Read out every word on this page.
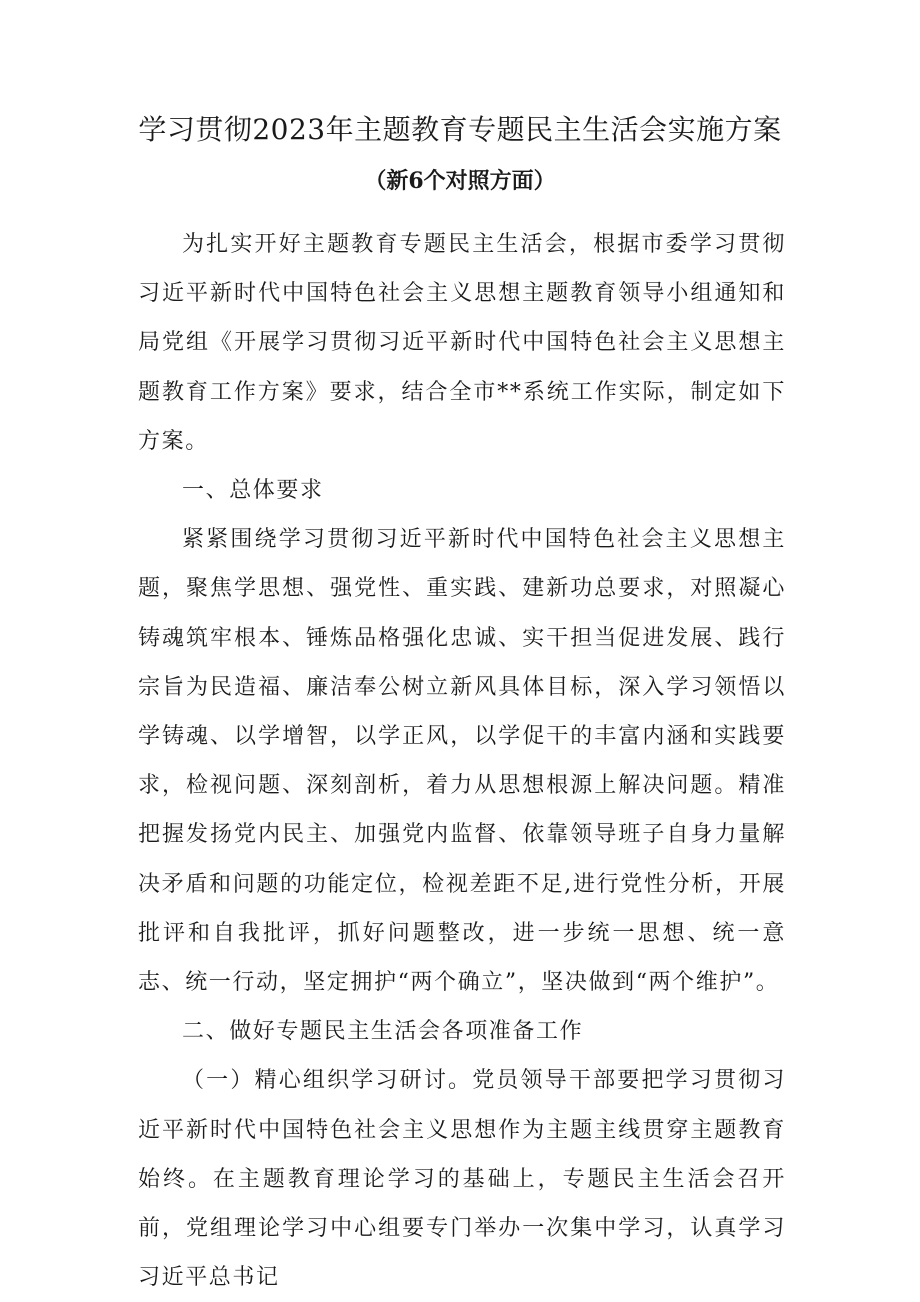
学习贯彻2023年主题教育专题民主生活会实施方案
（新6个对照方面）

为扎实开好主题教育专题民主生活会，根据市委学习贯彻习近平新时代中国特色社会主义思想主题教育领导小组通知和局党组《开展学习贯彻习近平新时代中国特色社会主义思想主题教育工作方案》要求，结合全市**系统工作实际，制定如下方案。

一、总体要求

紧紧围绕学习贯彻习近平新时代中国特色社会主义思想主题，聚焦学思想、强党性、重实践、建新功总要求，对照凝心铸魂筑牢根本、锤炼品格强化忠诚、实干担当促进发展、践行宗旨为民造福、廉洁奉公树立新风具体目标，深入学习领悟以学铸魂、以学增智，以学正风，以学促干的丰富内涵和实践要求，检视问题、深刻剖析，着力从思想根源上解决问题。精准把握发扬党内民主、加强党内监督、依靠领导班子自身力量解决矛盾和问题的功能定位，检视差距不足,进行党性分析，开展批评和自我批评，抓好问题整改，进一步统一思想、统一意志、统一行动，坚定拥护“两个确立”，坚决做到“两个维护”。

二、做好专题民主生活会各项准备工作

（一）精心组织学习研讨。党员领导干部要把学习贯彻习近平新时代中国特色社会主义思想作为主题主线贯穿主题教育始终。在主题教育理论学习的基础上，专题民主生活会召开前，党组理论学习中心组要专门举办一次集中学习，认真学习习近平总书记
